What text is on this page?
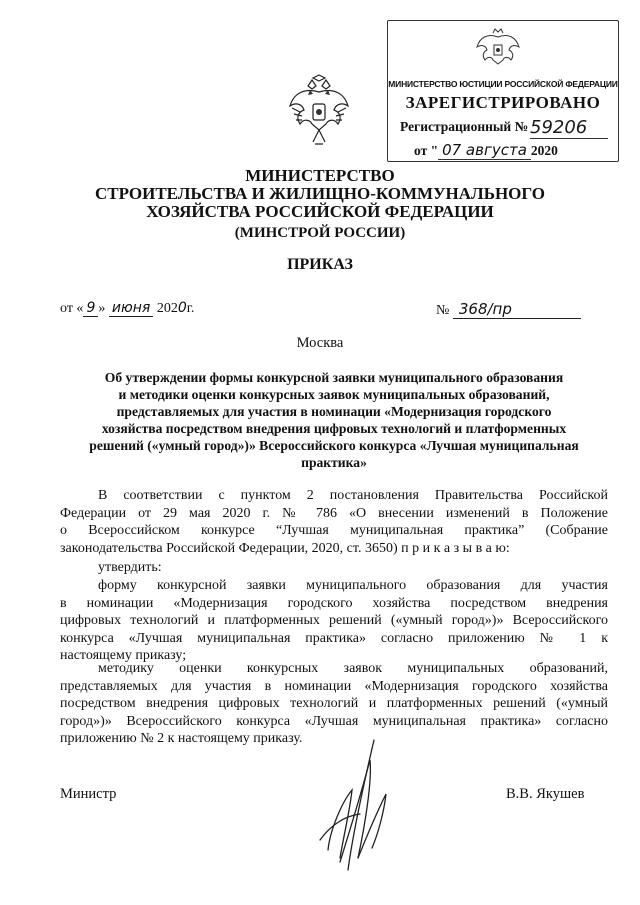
МИНИСТЕРСТВО ЮСТИЦИИ РОССИЙСКОЙ ФЕДЕРАЦИИ
ЗАРЕГИСТРИРОВАНО
Регистрационный № 59206
от " 07 августа 2020
МИНИСТЕРСТВО
СТРОИТЕЛЬСТВА И ЖИЛИЩНО-КОММУНАЛЬНОГО
ХОЗЯЙСТВА РОССИЙСКОЙ ФЕДЕРАЦИИ
(МИНСТРОЙ РОССИИ)
ПРИКАЗ
от « 9 » июня 2020г.	№ 368/пр
Москва
Об утверждении формы конкурсной заявки муниципального образования
и методики оценки конкурсных заявок муниципальных образований,
представляемых для участия в номинации «Модернизация городского
хозяйства посредством внедрения цифровых технологий и платформенных
решений («умный город»)» Всероссийского конкурса «Лучшая муниципальная
практика»
В соответствии с пунктом 2 постановления Правительства Российской
Федерации от 29 мая 2020 г. № 786 «О внесении изменений в Положение
о Всероссийском конкурсе “Лучшая муниципальная практика” (Собрание
законодательства Российской Федерации, 2020, ст. 3650) п р и к а з ы в а ю:
утвердить:
форму конкурсной заявки муниципального образования для участия
в номинации «Модернизация городского хозяйства посредством внедрения
цифровых технологий и платформенных решений («умный город»)» Всероссийского
конкурса «Лучшая муниципальная практика» согласно приложению № 1 к
настоящему приказу;
методику оценки конкурсных заявок муниципальных образований,
представляемых для участия в номинации «Модернизация городского хозяйства
посредством внедрения цифровых технологий и платформенных решений («умный
город»)» Всероссийского конкурса «Лучшая муниципальная практика» согласно
приложению № 2 к настоящему приказу.
Министр	В.В. Якушев
